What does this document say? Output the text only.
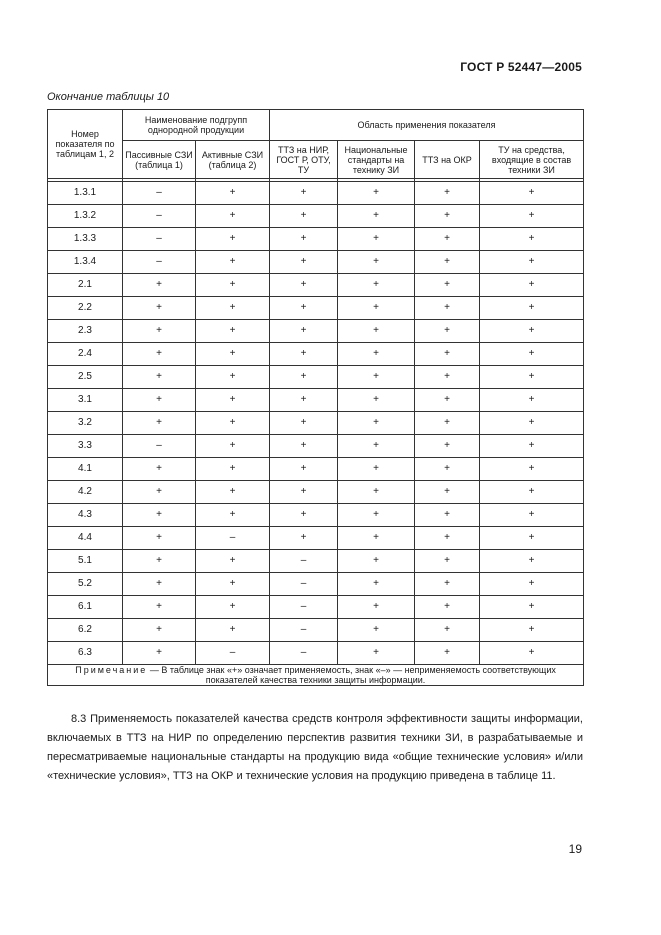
ГОСТ Р 52447—2005
Окончание таблицы 10
Номер показателя по таблицам 1, 2	Наименование подгрупп однородной продукции		Область применения показателя			
	Пассивные СЗИ (таблица 1)	Активные СЗИ (таблица 2)	ТТЗ на НИР, ГОСТ Р, ОТУ, ТУ	Национальные стандарты на технику ЗИ	ТТЗ на ОКР	ТУ на средства, входящие в состав техники ЗИ

1.3.1	–	+	+	+	+	+
1.3.2	–	+	+	+	+	+
1.3.3	–	+	+	+	+	+
1.3.4	–	+	+	+	+	+
2.1	+	+	+	+	+	+
2.2	+	+	+	+	+	+
2.3	+	+	+	+	+	+
2.4	+	+	+	+	+	+
2.5	+	+	+	+	+	+
3.1	+	+	+	+	+	+
3.2	+	+	+	+	+	+
3.3	–	+	+	+	+	+
4.1	+	+	+	+	+	+
4.2	+	+	+	+	+	+
4.3	+	+	+	+	+	+
4.4	+	–	+	+	+	+
5.1	+	+	–	+	+	+
5.2	+	+	–	+	+	+
6.1	+	+	–	+	+	+
6.2	+	+	–	+	+	+
6.3	+	–	–	+	+	+
Примечание — В таблице знак «+» означает применяемость, знак «–» — неприменяемость соответствующих показателей качества техники защиты информации.						

8.3 Применяемость показателей качества средств контроля эффективности защиты информации, включаемых в ТТЗ на НИР по определению перспектив развития техники ЗИ, в разрабатываемые и пересматриваемые национальные стандарты на продукцию вида «общие технические условия» и/или «технические условия», ТТЗ на ОКР и технические условия на продукцию приведена в таблице 11.

19
